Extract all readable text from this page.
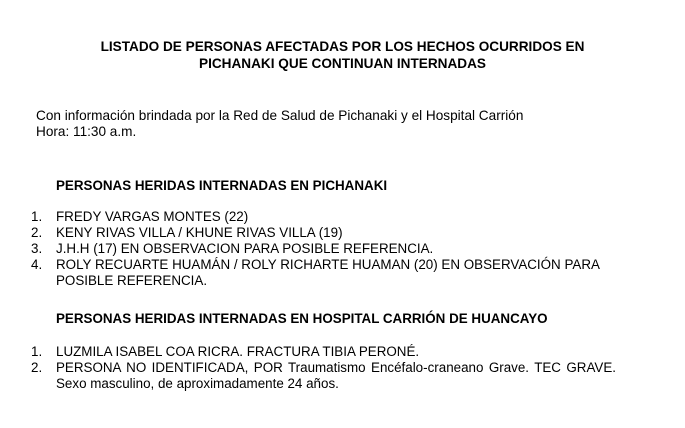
LISTADO DE PERSONAS AFECTADAS POR LOS HECHOS OCURRIDOS EN
PICHANAKI QUE CONTINUAN INTERNADAS
Con información brindada por la Red de Salud de Pichanaki y el Hospital Carrión
Hora: 11:30 a.m.
PERSONAS HERIDAS INTERNADAS EN PICHANAKI
1. FREDY VARGAS MONTES (22)
2. KENY RIVAS VILLA / KHUNE RIVAS VILLA (19)
3. J.H.H (17) EN OBSERVACION PARA POSIBLE REFERENCIA.
4. ROLY RECUARTE HUAMÁN / ROLY RICHARTE HUAMAN (20) EN OBSERVACIÓN PARA POSIBLE REFERENCIA.
PERSONAS HERIDAS INTERNADAS EN HOSPITAL CARRIÓN DE HUANCAYO
1. LUZMILA ISABEL COA RICRA. FRACTURA TIBIA PERONÉ.
2. PERSONA NO IDENTIFICADA, POR Traumatismo Encéfalo-craneano Grave. TEC GRAVE. Sexo masculino, de aproximadamente 24 años.
